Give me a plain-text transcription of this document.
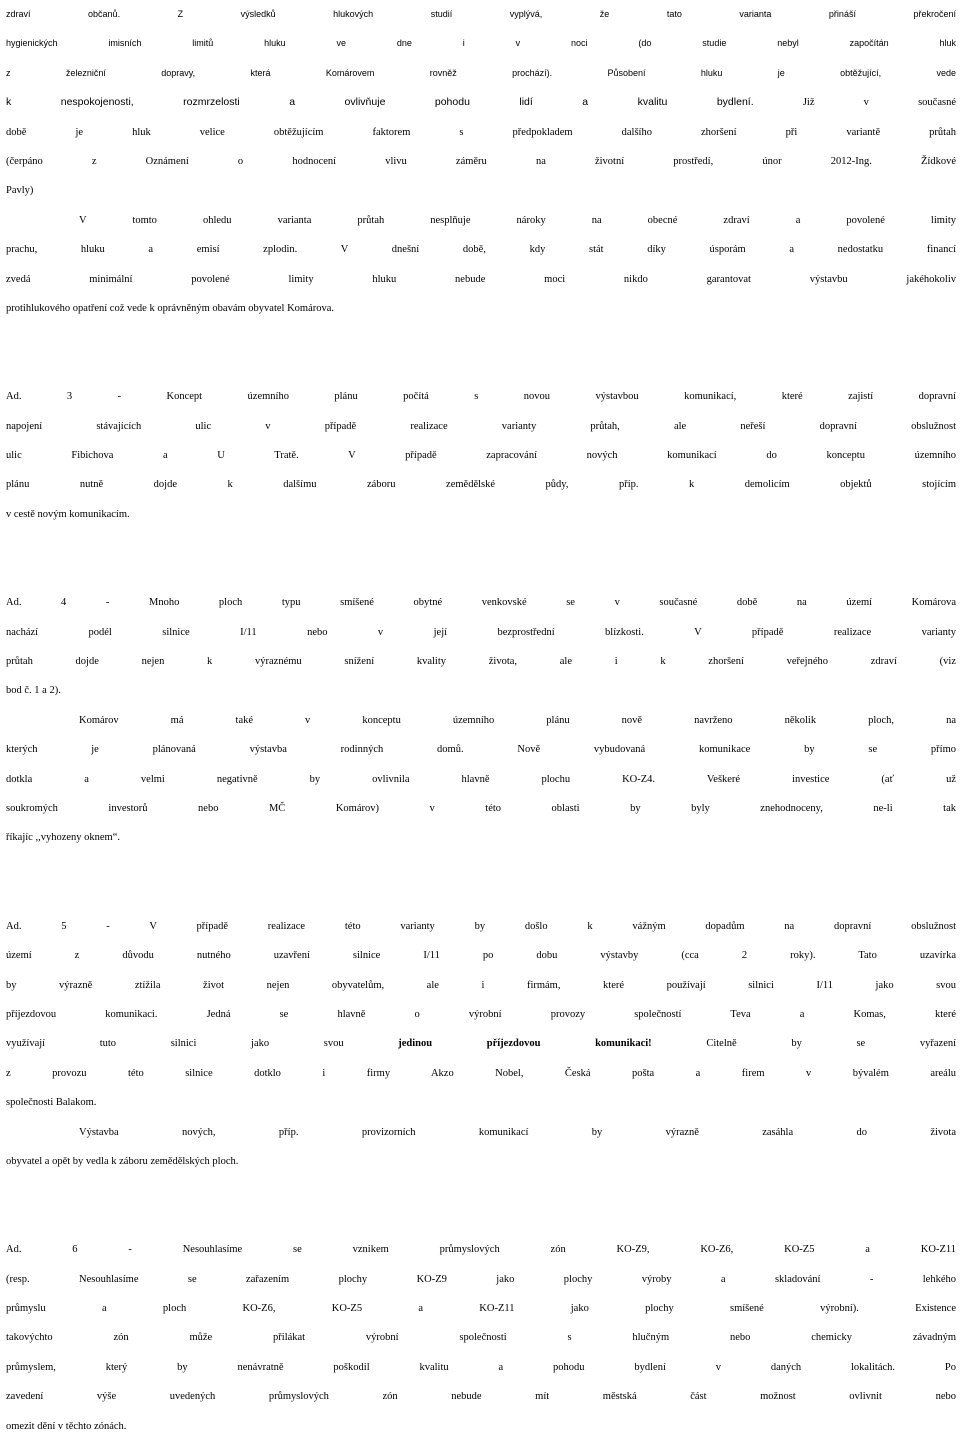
zdraví občanů. Z výsledků hlukových studií vyplývá, že tato varianta přináší překročení
hygienických imisních limitů hluku ve dne i v noci (do studie nebyl započítán hluk
z železniční dopravy, která Komárovem rovněž prochází). Působení hluku je obtěžující, vede
k nespokojenosti, rozmrzelosti a ovlivňuje pohodu lidí a kvalitu bydlení.	Již v současné
době je hluk velice obtěžujícím faktorem s předpokladem dalšího zhoršení při variantě průtah
(čerpáno z Oznámení o hodnocení vlivu záměru na životní prostředí, únor 2012-Ing. Žídkové
Pavly)
V tomto ohledu varianta průtah nesplňuje nároky na obecné zdraví a povolené limity
prachu, hluku a emisí zplodin. V dnešní době, kdy stát díky úsporám a nedostatku financí
zvedá minimální povolené limity hluku nebude moci nikdo garantovat výstavbu jakéhokoliv
protihlukového opatření což vede k oprávněným obavám obyvatel Komárova.
Ad. 3 - Koncept územního plánu počítá s novou výstavbou komunikací, které zajistí dopravní
napojení stávajících ulic v případě realizace varianty průtah, ale neřeší dopravní obslužnost
ulic Fibichova a U Tratě. V případě zapracování nových komunikací do konceptu územního
plánu nutně dojde k dalšímu záboru zemědělské půdy, příp. k demolicím objektů stojícím
v cestě novým komunikacím.
Ad. 4 - Mnoho ploch typu smíšené obytné venkovské se v současné době na území Komárova
nachází podél silnice I/11 nebo v její bezprostřední blízkosti. V případě realizace varianty
průtah dojde nejen k výraznému snížení kvality života, ale i k zhoršení veřejného zdraví (viz
bod č. 1 a 2).
Komárov má také v konceptu územního plánu nově navrženo několik ploch, na
kterých je plánovaná výstavba rodinných domů. Nově vybudovaná komunikace by se přímo
dotkla a velmi negativně by ovlivnila hlavně plochu KO-Z4. Veškeré investice (ať už
soukromých investorů nebo MČ Komárov) v této oblasti by byly znehodnoceny, ne-li tak
říkajíc ,,vyhozeny oknem“.
Ad. 5 - V případě realizace této varianty by došlo k vážným dopadům na dopravní obslužnost
území z důvodu nutného uzavření silnice I/11 po dobu výstavby (cca 2 roky). Tato uzavírka
by výrazně ztížila život nejen obyvatelům, ale i firmám, které používají silnici I/11 jako svou
příjezdovou komunikaci. Jedná se hlavně o výrobní provozy společností Teva a Komas, které
využívají tuto silnici jako svou	jedinou příjezdovou komunikaci!	Citelně by se vyřazení
z provozu této silnice dotklo i firmy Akzo Nobel, Česká pošta a firem v bývalém areálu
společnosti Balakom.
Výstavba nových, příp. provizorních komunikací by výrazně zasáhla do života
obyvatel a opět by vedla k záboru zemědělských ploch.
Ad. 6 - Nesouhlasíme se vznikem průmyslových zón KO-Z9, KO-Z6, KO-Z5 a KO-Z11
(resp. Nesouhlasíme se zařazením plochy KO-Z9 jako plochy výroby a skladování - lehkého
průmyslu a ploch KO-Z6, KO-Z5 a KO-Z11 jako plochy smíšené výrobní). Existence
takovýchto zón může přilákat výrobní společnosti s hlučným nebo chemicky závadným
průmyslem, který by nenávratně poškodil kvalitu a pohodu bydlení v daných lokalitách. Po
zavedení výše uvedených průmyslových zón nebude mít městská část možnost ovlivnit nebo
omezit dění v těchto zónách.
